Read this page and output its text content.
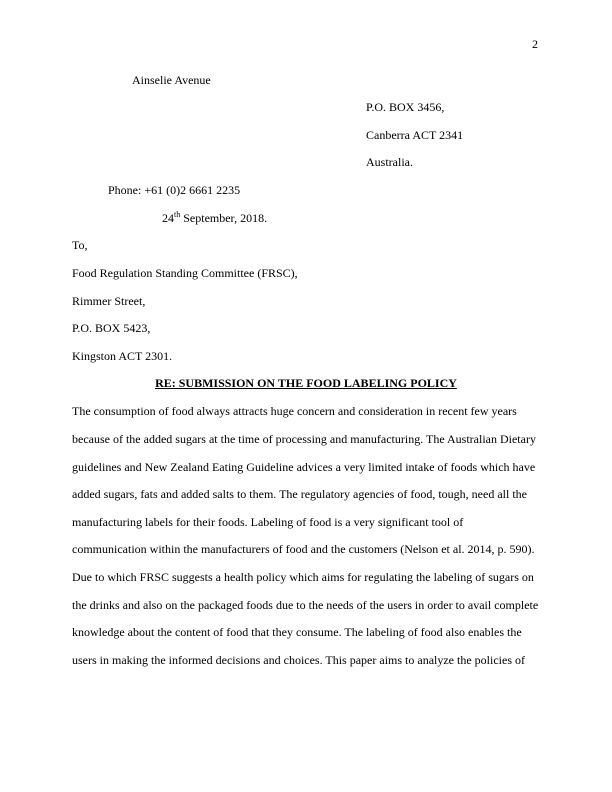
2
Ainselie Avenue
P.O. BOX 3456,
Canberra ACT 2341
Australia.
Phone: +61 (0)2 6661 2235
24th September, 2018.
To,
Food Regulation Standing Committee (FRSC),
Rimmer Street,
P.O. BOX 5423,
Kingston ACT 2301.
RE: SUBMISSION ON THE FOOD LABELING POLICY
The consumption of food always attracts huge concern and consideration in recent few years
because of the added sugars at the time of processing and manufacturing. The Australian Dietary
guidelines and New Zealand Eating Guideline advices a very limited intake of foods which have
added sugars, fats and added salts to them. The regulatory agencies of food, tough, need all the
manufacturing labels for their foods. Labeling of food is a very significant tool of
communication within the manufacturers of food and the customers (Nelson et al. 2014, p. 590).
Due to which FRSC suggests a health policy which aims for regulating the labeling of sugars on
the drinks and also on the packaged foods due to the needs of the users in order to avail complete
knowledge about the content of food that they consume. The labeling of food also enables the
users in making the informed decisions and choices. This paper aims to analyze the policies of
